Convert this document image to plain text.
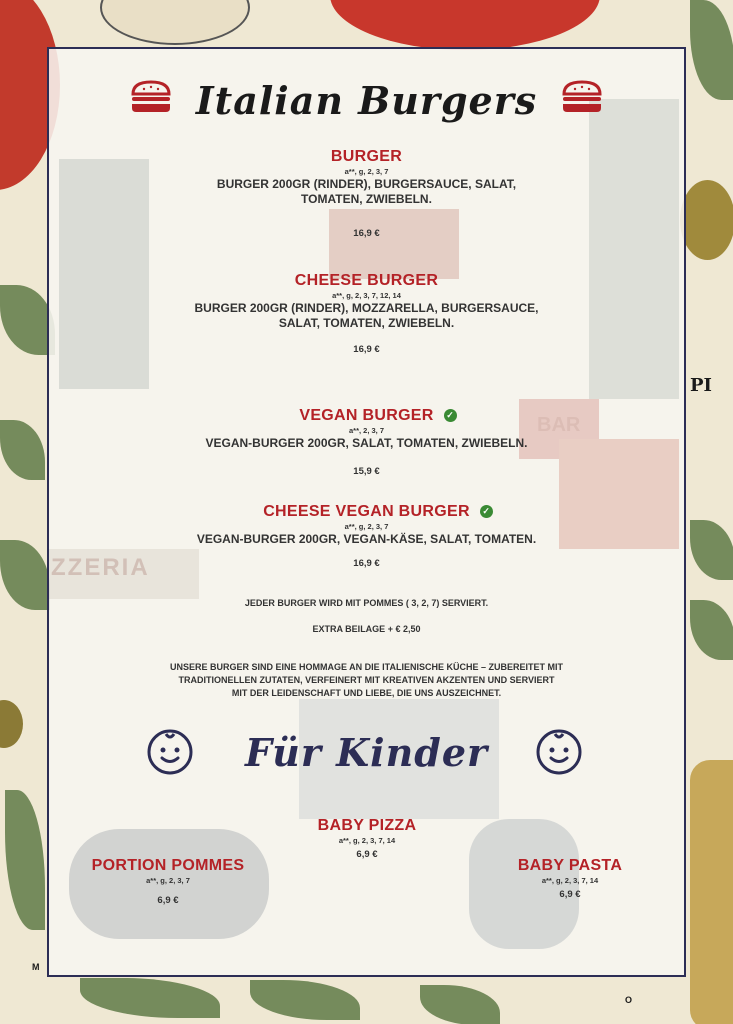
PI
M
O
ZZERIA
BAR
Italian Burgers
BURGER
a**, g, 2, 3, 7
BURGER 200GR (RINDER), BURGERSAUCE, SALAT,
TOMATEN, ZWIEBELN.
16,9 €
CHEESE BURGER
a**, g, 2, 3, 7, 12, 14
BURGER 200GR (RINDER), MOZZARELLA, BURGERSAUCE,
SALAT, TOMATEN, ZWIEBELN.
16,9 €
VEGAN BURGER ✓
a**, 2, 3, 7
VEGAN-BURGER 200GR, SALAT, TOMATEN, ZWIEBELN.
15,9 €
CHEESE VEGAN BURGER ✓
a**, g, 2, 3, 7
VEGAN-BURGER 200GR, VEGAN-KÄSE, SALAT, TOMATEN.
16,9 €
JEDER BURGER WIRD MIT POMMES ( 3, 2, 7) SERVIERT.
EXTRA BEILAGE + € 2,50
UNSERE BURGER SIND EINE HOMMAGE AN DIE ITALIENISCHE KÜCHE – ZUBEREITET MIT
TRADITIONELLEN ZUTATEN, VERFEINERT MIT KREATIVEN AKZENTEN UND SERVIERT
MIT DER LEIDENSCHAFT UND LIEBE, DIE UNS AUSZEICHNET.
Für Kinder
BABY PIZZA
a**, g, 2, 3, 7, 14
6,9 €
PORTION POMMES
a**, g, 2, 3, 7
6,9 €
BABY PASTA
a**, g, 2, 3, 7, 14
6,9 €
